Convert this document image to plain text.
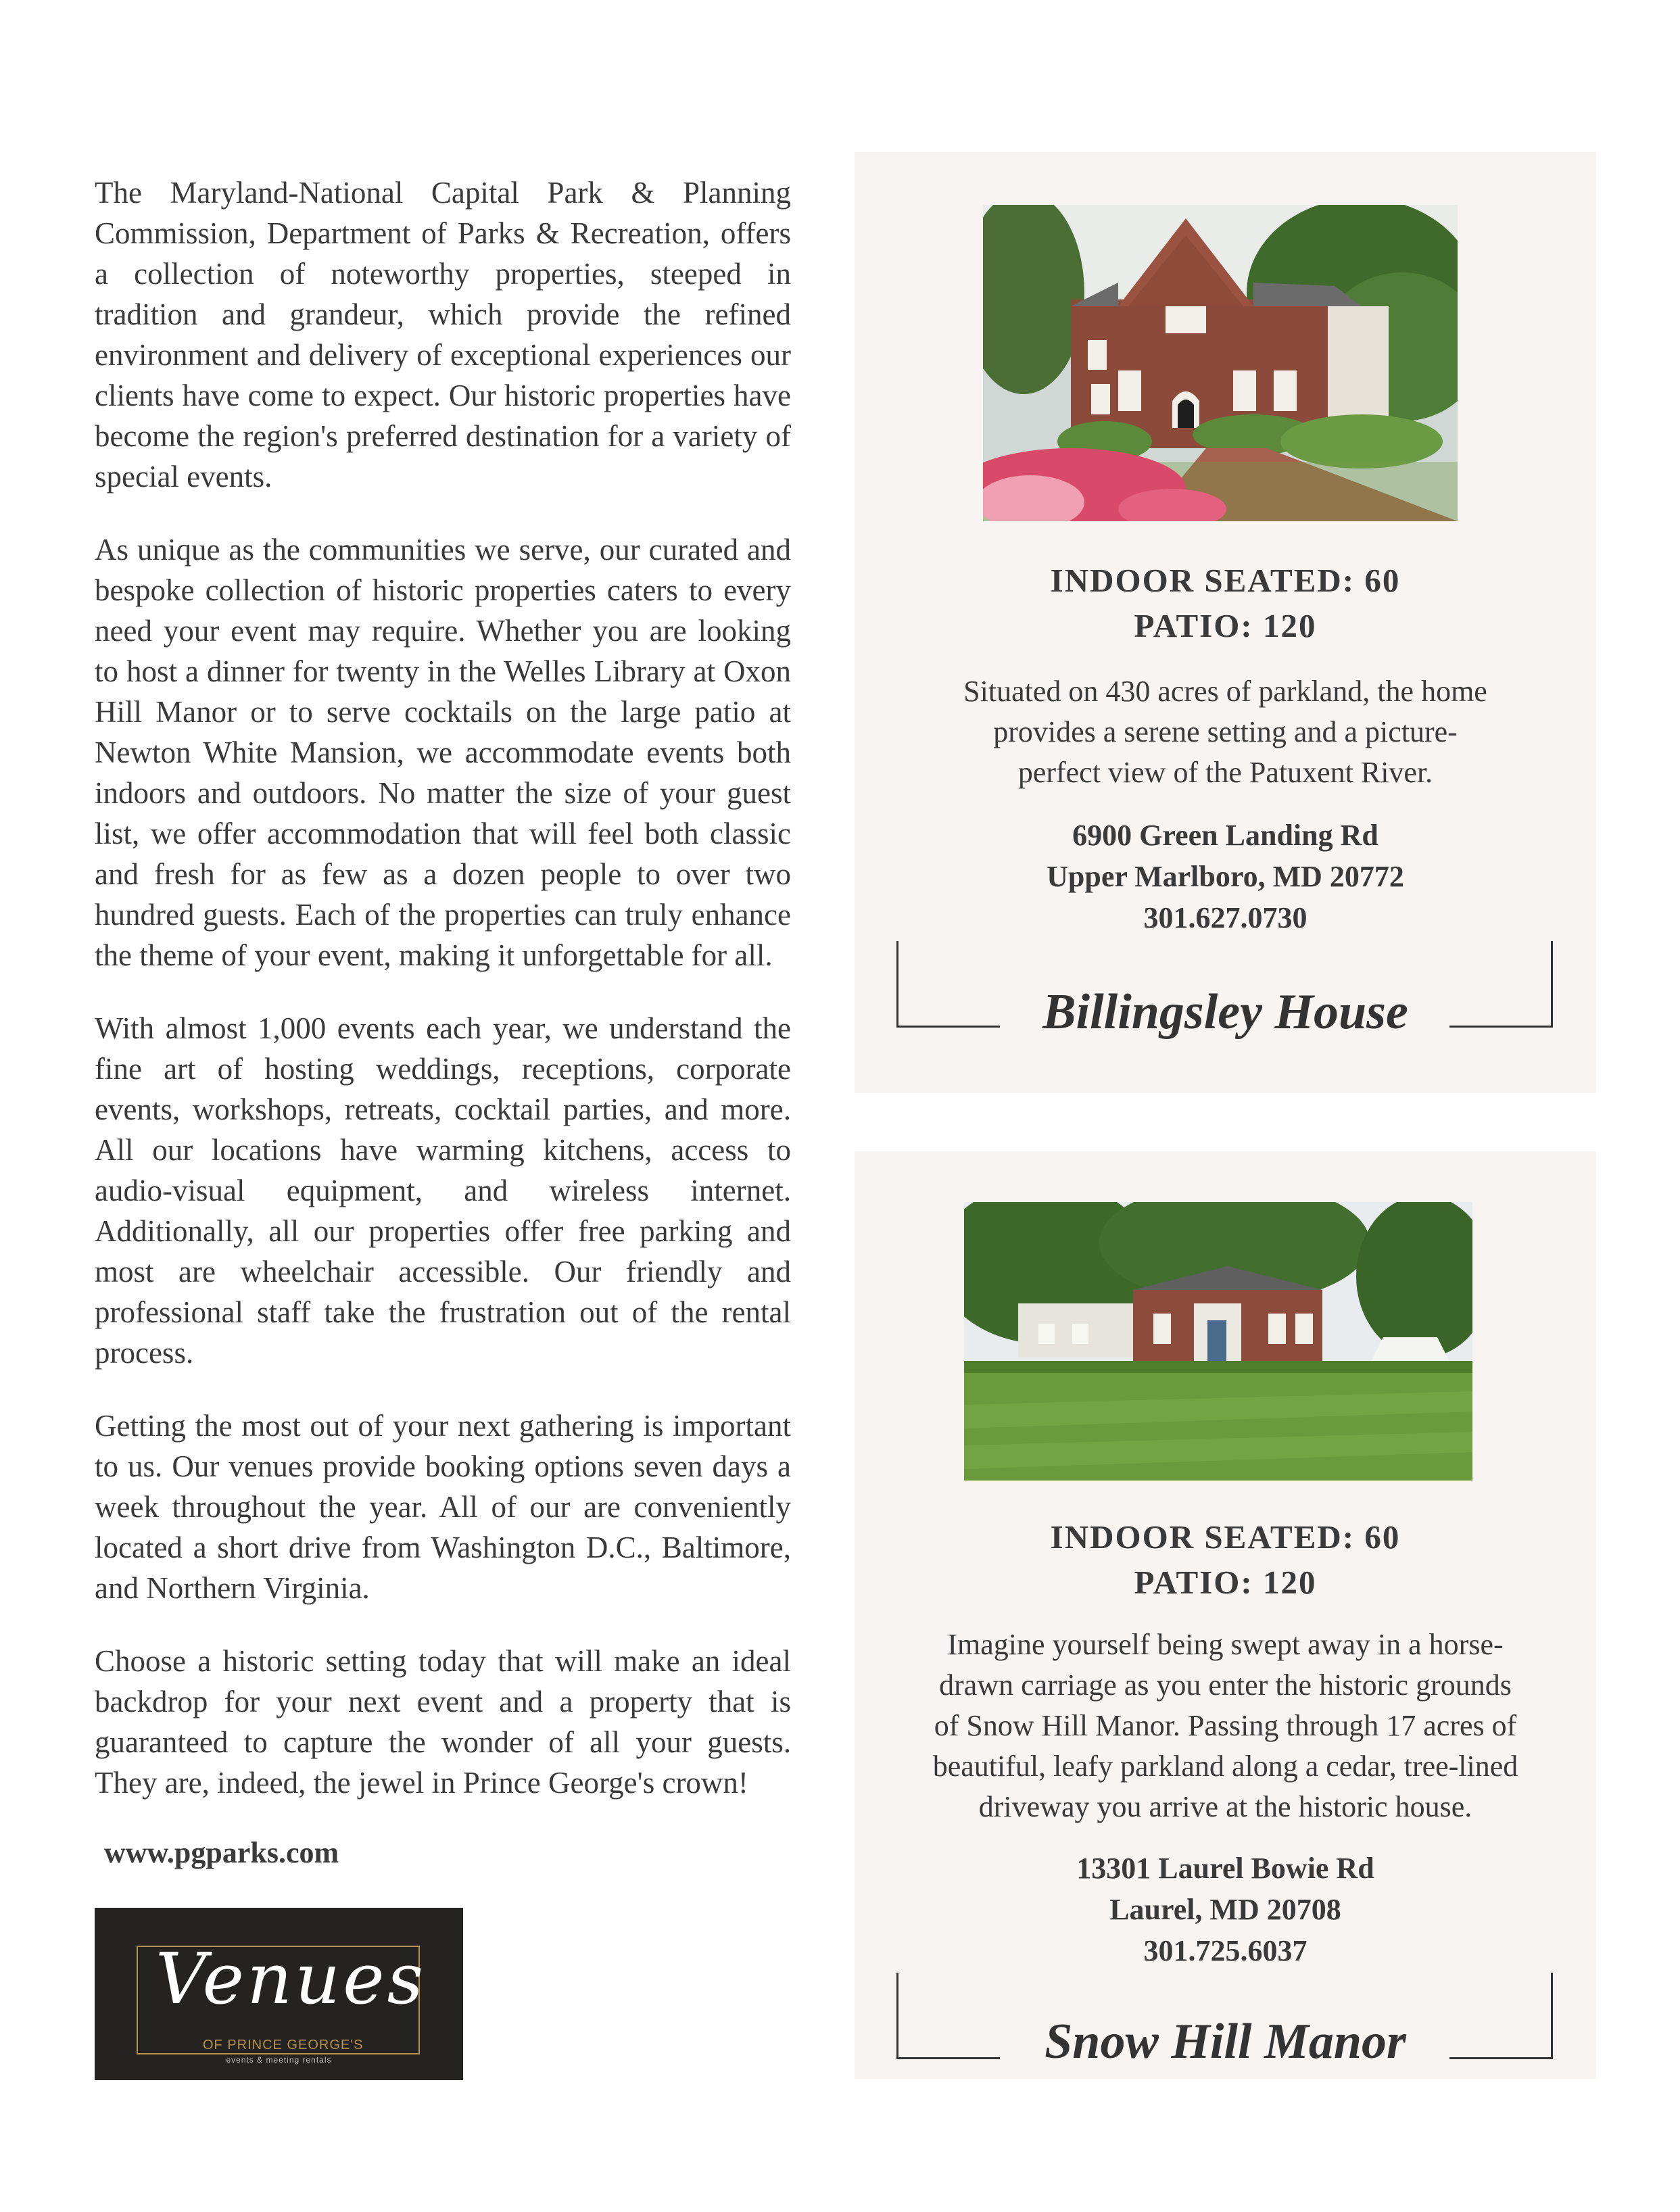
The Maryland-National Capital Park & Planning Commission, Department of Parks & Recreation, offers a collection of noteworthy properties, steeped in tradition and grandeur, which provide the refined environment and delivery of exceptional experiences our clients have come to expect. Our historic properties have become the region's preferred destination for a variety of special events.

As unique as the communities we serve, our curated and bespoke collection of historic properties caters to every need your event may require. Whether you are looking to host a dinner for twenty in the Welles Library at Oxon Hill Manor or to serve cocktails on the large patio at Newton White Mansion, we accommodate events both indoors and outdoors. No matter the size of your guest list, we offer accommodation that will feel both classic and fresh for as few as a dozen people to over two hundred guests. Each of the properties can truly enhance the theme of your event, making it unforgettable for all.

With almost 1,000 events each year, we understand the fine art of hosting weddings, receptions, corporate events, workshops, retreats, cocktail parties, and more. All our locations have warming kitchens, access to audio-visual equipment, and wireless internet. Additionally, all our properties offer free parking and most are wheelchair accessible. Our friendly and professional staff take the frustration out of the rental process.

Getting the most out of your next gathering is important to us. Our venues provide booking options seven days a week throughout the year. All of our are conveniently located a short drive from Washington D.C., Baltimore, and Northern Virginia.

Choose a historic setting today that will make an ideal backdrop for your next event and a property that is guaranteed to capture the wonder of all your guests. They are, indeed, the jewel in Prince George's crown!

www.pgparks.com

Venues
OF PRINCE GEORGE'S
events & meeting rentals
INDOOR SEATED: 60
PATIO: 120
Situated on 430 acres of parkland, the home provides a serene setting and a picture-perfect view of the Patuxent River.
6900 Green Landing Rd
Upper Marlboro, MD 20772
301.627.0730
Billingsley House
INDOOR SEATED: 60
PATIO: 120
Imagine yourself being swept away in a horse-drawn carriage as you enter the historic grounds of Snow Hill Manor. Passing through 17 acres of beautiful, leafy parkland along a cedar, tree-lined driveway you arrive at the historic house.
13301 Laurel Bowie Rd
Laurel, MD 20708
301.725.6037
Snow Hill Manor
